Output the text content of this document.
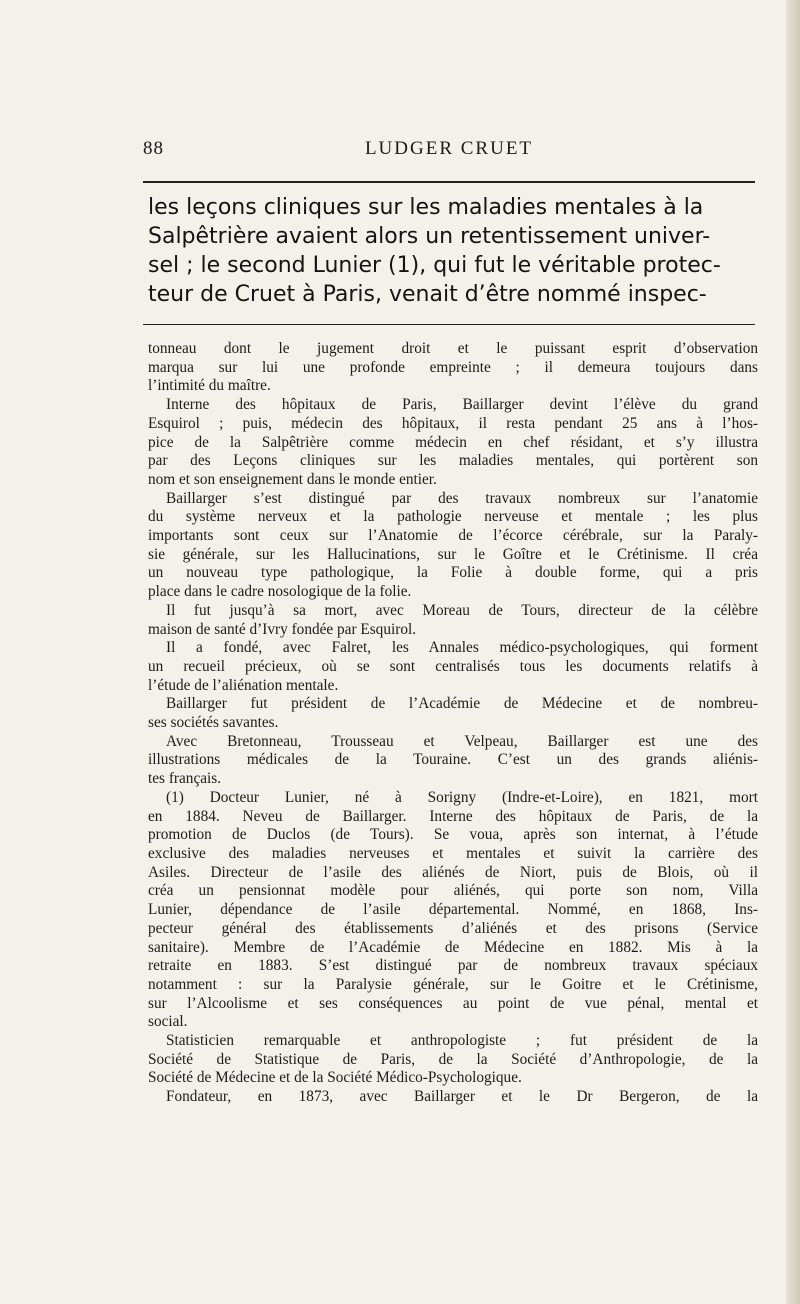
88	LUDGER CRUET
les leçons cliniques sur les maladies mentales à la
Salpêtrière avaient alors un retentissement univer-
sel ; le second Lunier (1), qui fut le véritable protec-
teur de Cruet à Paris, venait d’être nommé inspec-
tonneau dont le jugement droit et le puissant esprit d’observation
marqua sur lui une profonde empreinte ; il demeura toujours dans
l’intimité du maître.
Interne des hôpitaux de Paris, Baillarger devint l’élève du grand
Esquirol ; puis, médecin des hôpitaux, il resta pendant 25 ans à l’hos-
pice de la Salpêtrière comme médecin en chef résidant, et s’y illustra
par des Leçons cliniques sur les maladies mentales, qui portèrent son
nom et son enseignement dans le monde entier.
Baillarger s’est distingué par des travaux nombreux sur l’anatomie
du système nerveux et la pathologie nerveuse et mentale ; les plus
importants sont ceux sur l’Anatomie de l’écorce cérébrale, sur la Paraly-
sie générale, sur les Hallucinations, sur le Goître et le Crétinisme. Il créa
un nouveau type pathologique, la Folie à double forme, qui a pris
place dans le cadre nosologique de la folie.
Il fut jusqu’à sa mort, avec Moreau de Tours, directeur de la célèbre
maison de santé d’Ivry fondée par Esquirol.
Il a fondé, avec Falret, les Annales médico-psychologiques, qui forment
un recueil précieux, où se sont centralisés tous les documents relatifs à
l’étude de l’aliénation mentale.
Baillarger fut président de l’Académie de Médecine et de nombreu-
ses sociétés savantes.
Avec Bretonneau, Trousseau et Velpeau, Baillarger est une des
illustrations médicales de la Touraine. C’est un des grands aliénis-
tes français.
(1) Docteur Lunier, né à Sorigny (Indre-et-Loire), en 1821, mort
en 1884. Neveu de Baillarger. Interne des hôpitaux de Paris, de la
promotion de Duclos (de Tours). Se voua, après son internat, à l’étude
exclusive des maladies nerveuses et mentales et suivit la carrière des
Asiles. Directeur de l’asile des aliénés de Niort, puis de Blois, où il
créa un pensionnat modèle pour aliénés, qui porte son nom, Villa
Lunier, dépendance de l’asile départemental. Nommé, en 1868, Ins-
pecteur général des établissements d’aliénés et des prisons (Service
sanitaire). Membre de l’Académie de Médecine en 1882. Mis à la
retraite en 1883. S’est distingué par de nombreux travaux spéciaux
notamment : sur la Paralysie générale, sur le Goitre et le Crétinisme,
sur l’Alcoolisme et ses conséquences au point de vue pénal, mental et
social.
Statisticien remarquable et anthropologiste ; fut président de la
Société de Statistique de Paris, de la Société d’Anthropologie, de la
Société de Médecine et de la Société Médico-Psychologique.
Fondateur, en 1873, avec Baillarger et le Dr Bergeron, de la
